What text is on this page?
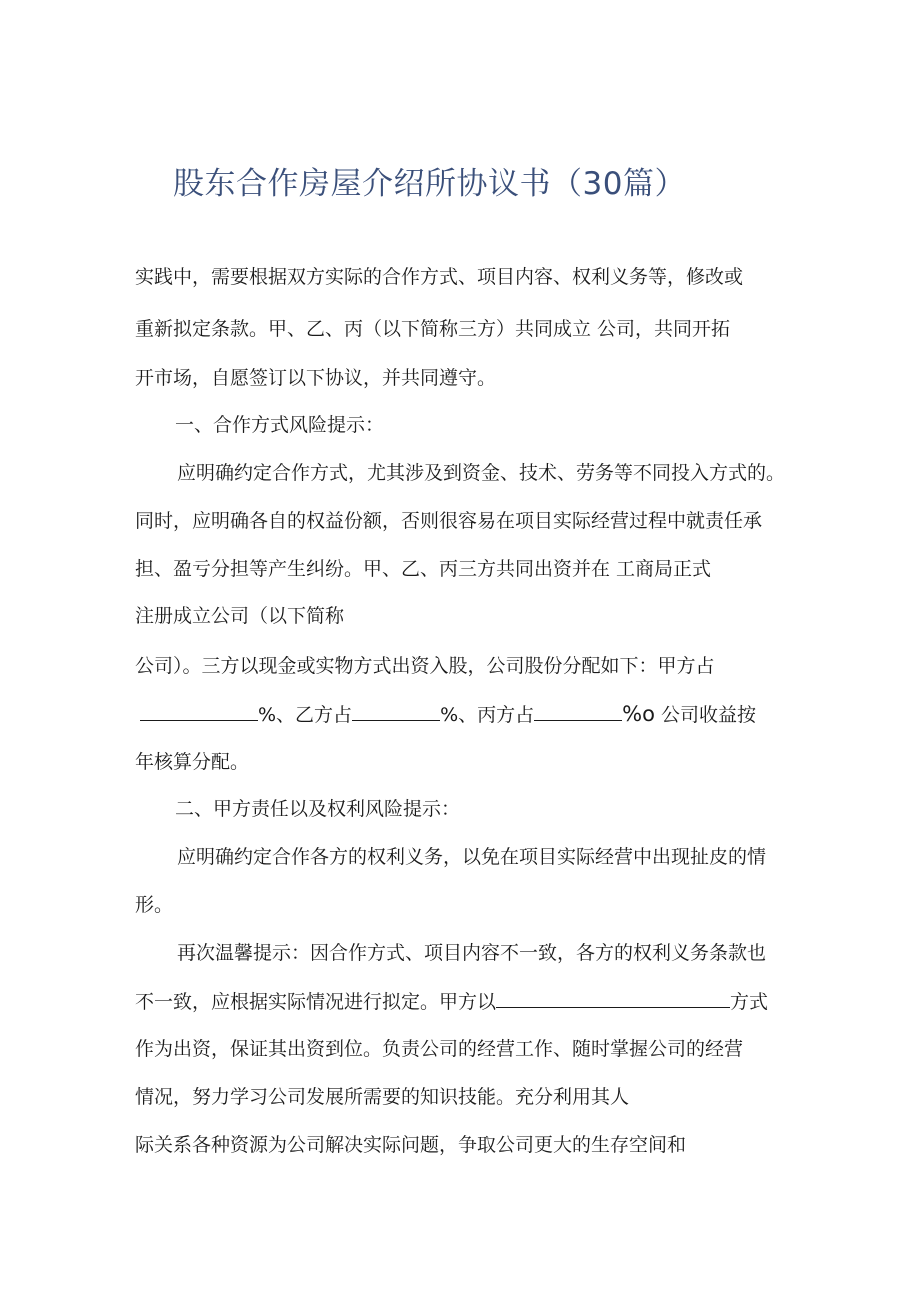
股东合作房屋介绍所协议书（30篇）

实践中，需要根据双方实际的合作方式、项目内容、权利义务等，修改或

重新拟定条款。甲、乙、丙（以下简称三方）共同成立 公司，共同开拓

开市场，自愿签订以下协议，并共同遵守。

一、合作方式风险提示：

应明确约定合作方式，尤其涉及到资金、技术、劳务等不同投入方式的。

同时，应明确各自的权益份额，否则很容易在项目实际经营过程中就责任承

担、盈亏分担等产生纠纷。甲、乙、丙三方共同出资并在 工商局正式

注册成立公司（以下简称

公司）。三方以现金或实物方式出资入股，公司股份分配如下：甲方占

%、乙方占	%、丙方占	%o 公司收益按

年核算分配。

二、甲方责任以及权利风险提示：

应明确约定合作各方的权利义务，以免在项目实际经营中出现扯皮的情

形。

再次温馨提示：因合作方式、项目内容不一致，各方的权利义务条款也

不一致，应根据实际情况进行拟定。甲方以	方式

作为出资，保证其出资到位。负责公司的经营工作、随时掌握公司的经营

情况，努力学习公司发展所需要的知识技能。充分利用其人

际关系各种资源为公司解决实际问题，争取公司更大的生存空间和
